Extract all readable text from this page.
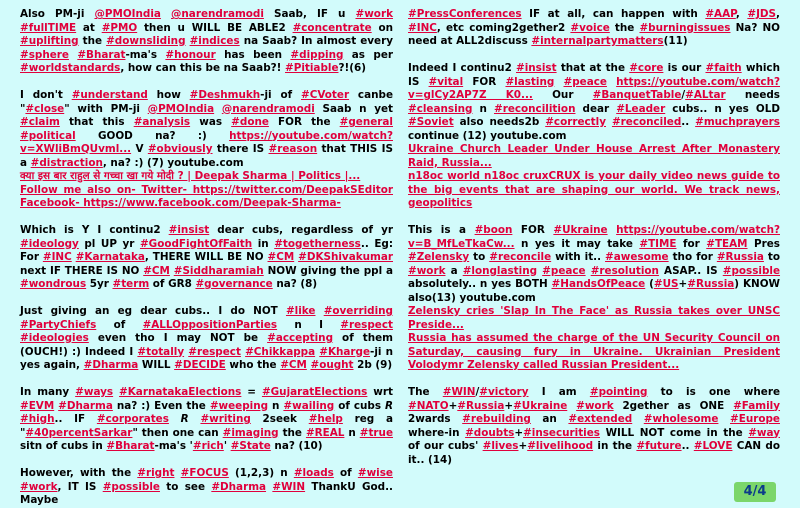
Also PM-ji @PMOIndia @narendramodi Saab, IF u #work #fullTIME at #PMO then u WILL BE ABLE2 #concentrate on #uplifting the #downsliding #indices na Saab? In almost every #sphere #Bharat-ma's #honour has been #dipping as per #worldstandards, how can this be na Saab?! #Pitiable?!(6)
I don't #understand how #Deshmukh-ji of #CVoter canbe "#close" with PM-ji @PMOIndia @narendramodi Saab n yet #claim that this #analysis was #done FOR the #general #political GOOD na? :) https://youtube.com/watch?v=XWliBmQUvml... V #obviously there IS #reason that THIS IS a #distraction, na? :) (7) youtube.com
क्या इस बार राहुल से गच्चा खा गये मोदी ? | Deepak Sharma | Politics |...
Follow me also on- Twitter- https://twitter.com/DeepakSEditor Facebook- https://www.facebook.com/Deepak-Sharma-
Which is Y I continu2 #insist dear cubs, regardless of yr #ideology pl UP yr #GoodFightOfFaith in #togetherness.. Eg: For #INC #Karnataka, THERE WILL BE NO #CM #DKShivakumar next IF THERE IS NO #CM #Siddharamiah NOW giving the ppl a #wondrous 5yr #term of GR8 #governance na? (8)
Just giving an eg dear cubs.. I do NOT #like #overriding #PartyChiefs of #ALLOppositionParties n I #respect #ideologies even tho I may NOT be #accepting of them (OUCH!) :) Indeed I #totally #respect #Chikkappa #Kharge-ji n yes again, #Dharma WILL #DECIDE who the #CM #ought 2b (9)
In many #ways #KarnatakaElections = #GujaratElections wrt #EVM #Dharma na? :) Even the #weeping n #wailing of cubs R #high.. IF #corporates R #writing 2seek #help reg a "#40percentSarkar" then one can #imaging the #REAL n #true sitn of cubs in #Bharat-ma's '#rich' #State na? (10)
However, with the #right #FOCUS (1,2,3) n #loads of #wise #work, IT IS #possible to see #Dharma #WIN ThankU God.. Maybe
#PressConferences IF at all, can happen with #AAP, #JDS, #INC, etc coming2gether2 #voice the #burningissues Na? NO need at ALL2discuss #internalpartymatters(11)
Indeed I continu2 #insist that at the #core is our #faith which IS #vital FOR #lasting #peace https://youtube.com/watch?v=glCy2AP7Z K0... Our #BanquetTable/#ALtar needs #cleansing n #reconcilition dear #Leader cubs.. n yes OLD #Soviet also needs2b #correctly #reconciled.. #muchprayers continue (12) youtube.com
Ukraine Church Leader Under House Arrest After Monastery Raid, Russia...
n18oc world n18oc cruxCRUX is your daily video news guide to the big events that are shaping our world. We track news, geopolitics
This is a #boon FOR #Ukraine https://youtube.com/watch?v=B_MfLeTkaCw... n yes it may take #TIME for #TEAM Pres #Zelensky to #reconcile with it.. #awesome tho for #Russia to #work a #longlasting #peace #resolution ASAP.. IS #possible absolutely.. n yes BOTH #HandsOfPeace (#US+#Russia) KNOW also(13) youtube.com
Zelensky cries 'Slap In The Face' as Russia takes over UNSC Preside...
Russia has assumed the charge of the UN Security Council on Saturday, causing fury in Ukraine. Ukrainian President Volodymr Zelensky called Russian President...
The #WIN/#victory I am #pointing to is one where #NATO+#Russia+#Ukraine #work 2gether as ONE #Family 2wards #rebuilding an #extended #wholesome #Europe where-in #doubts+#insecurities WILL NOT come in the #way of our cubs' #lives+#livelihood in the #future.. #LOVE CAN do it.. (14)
4/4
